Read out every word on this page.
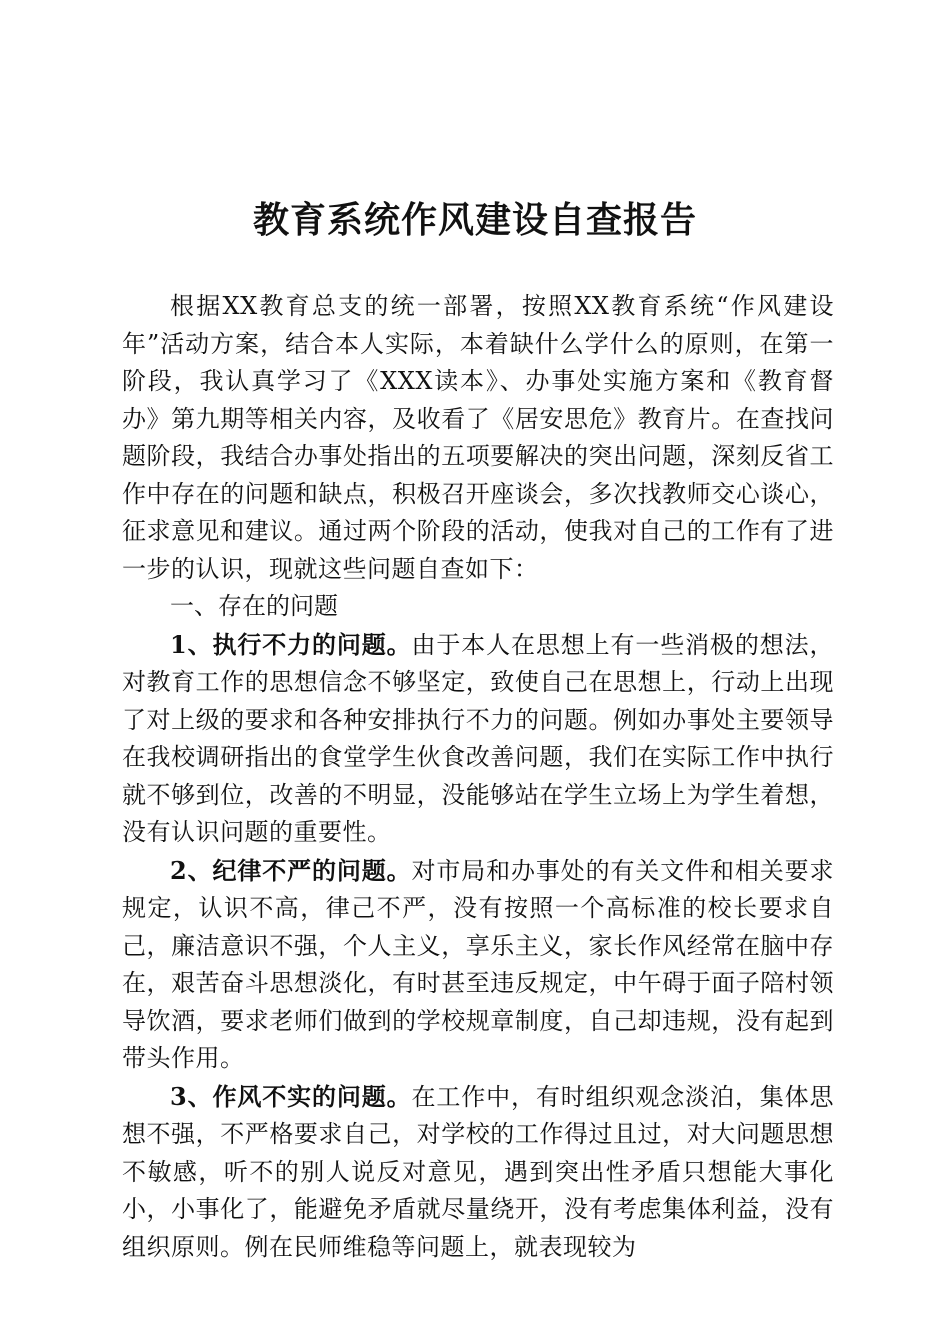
教育系统作风建设自查报告

根据XX教育总支的统一部署，按照XX教育系统“作风建设年”活动方案，结合本人实际，本着缺什么学什么的原则，在第一阶段，我认真学习了《XXX读本》、办事处实施方案和《教育督办》第九期等相关内容，及收看了《居安思危》教育片。在查找问题阶段，我结合办事处指出的五项要解决的突出问题，深刻反省工作中存在的问题和缺点，积极召开座谈会，多次找教师交心谈心，征求意见和建议。通过两个阶段的活动，使我对自己的工作有了进一步的认识，现就这些问题自查如下：

一、存在的问题

1、执行不力的问题。由于本人在思想上有一些消极的想法，对教育工作的思想信念不够坚定，致使自己在思想上，行动上出现了对上级的要求和各种安排执行不力的问题。例如办事处主要领导在我校调研指出的食堂学生伙食改善问题，我们在实际工作中执行就不够到位，改善的不明显，没能够站在学生立场上为学生着想，没有认识问题的重要性。

2、纪律不严的问题。对市局和办事处的有关文件和相关要求规定，认识不高，律己不严，没有按照一个高标准的校长要求自己，廉洁意识不强，个人主义，享乐主义，家长作风经常在脑中存在，艰苦奋斗思想淡化，有时甚至违反规定，中午碍于面子陪村领导饮酒，要求老师们做到的学校规章制度，自己却违规，没有起到带头作用。

3、作风不实的问题。在工作中，有时组织观念淡泊，集体思想不强，不严格要求自己，对学校的工作得过且过，对大问题思想不敏感，听不的别人说反对意见，遇到突出性矛盾只想能大事化小，小事化了，能避免矛盾就尽量绕开，没有考虑集体利益，没有组织原则。例在民师维稳等问题上，就表现较为
